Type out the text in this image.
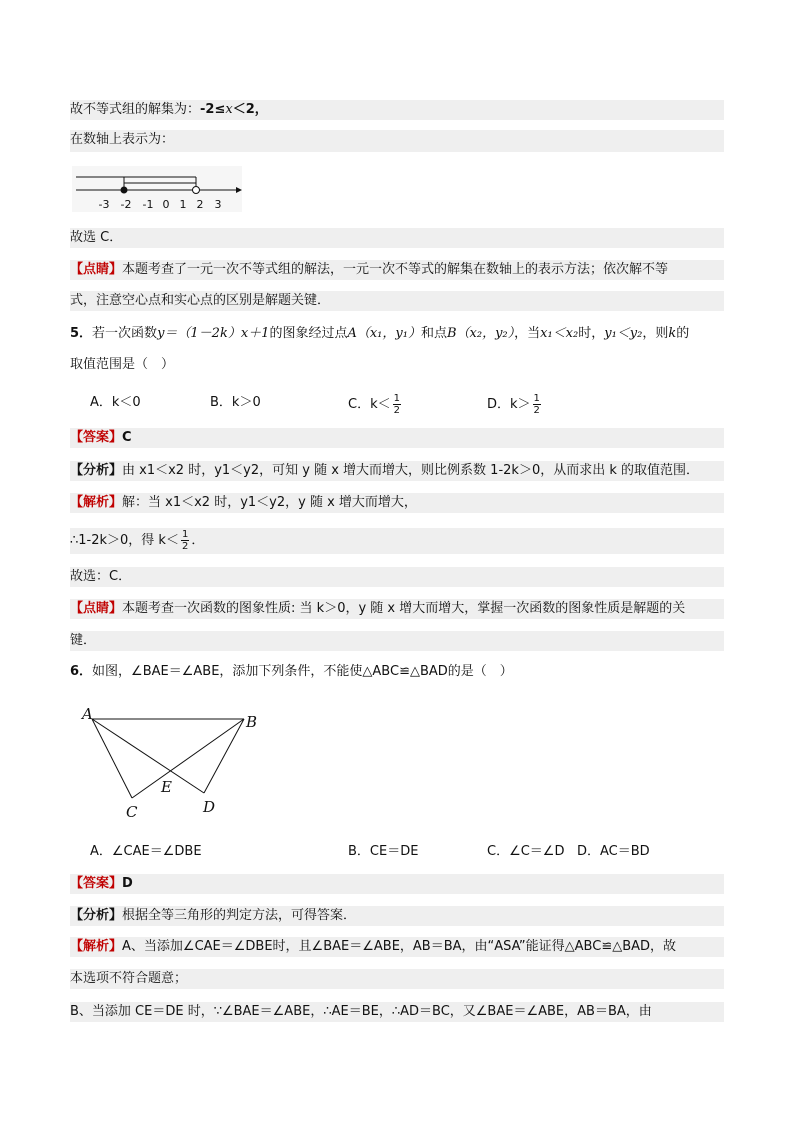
故不等式组的解集为：-2≤x＜2，
在数轴上表示为：
-3 -2 -1 0 1 2 3
故选 C．
【点睛】本题考查了一元一次不等式组的解法，一元一次不等式的解集在数轴上的表示方法；依次解不等
式，注意空心点和实心点的区别是解题关键．
5．若一次函数y＝（1－2k）x＋1的图象经过点A（x₁，y₁）和点B（x₂，y₂），当x₁＜x₂时，y₁＜y₂，则k的
取值范围是（　）
A．k＜0	B．k＞0	C．$k< \frac{1}{2}$	D．$k> \frac{1}{2}$
【答案】C
【分析】由 x1＜x2 时，y1＜y2，可知 y 随 x 增大而增大，则比例系数 1-2k＞0，从而求出 k 的取值范围．
【解析】解：当 x1＜x2 时，y1＜y2，y 随 x 增大而增大，
∴1-2k＞0，得 $k< \frac{1}{2}$ ．
故选：C．
【点睛】本题考查一次函数的图象性质: 当 k＞0，y 随 x 增大而增大，掌握一次函数的图象性质是解题的关
键．
6．如图，∠BAE＝∠ABE，添加下列条件，不能使△ABC≌△BAD的是（　）
A	B
C	D
E
A．∠CAE＝∠DBE	B．CE＝DE	C．∠C＝∠D D．AC＝BD
【答案】D
【分析】根据全等三角形的判定方法，可得答案．
【解析】A、当添加∠CAE＝∠DBE时，且∠BAE＝∠ABE，AB＝BA，由“ASA”能证得△ABC≌△BAD，故
本选项不符合题意；
B、当添加 CE＝DE 时，∵∠BAE＝∠ABE，∴AE＝BE，∴AD＝BC，又∠BAE＝∠ABE，AB＝BA，由
